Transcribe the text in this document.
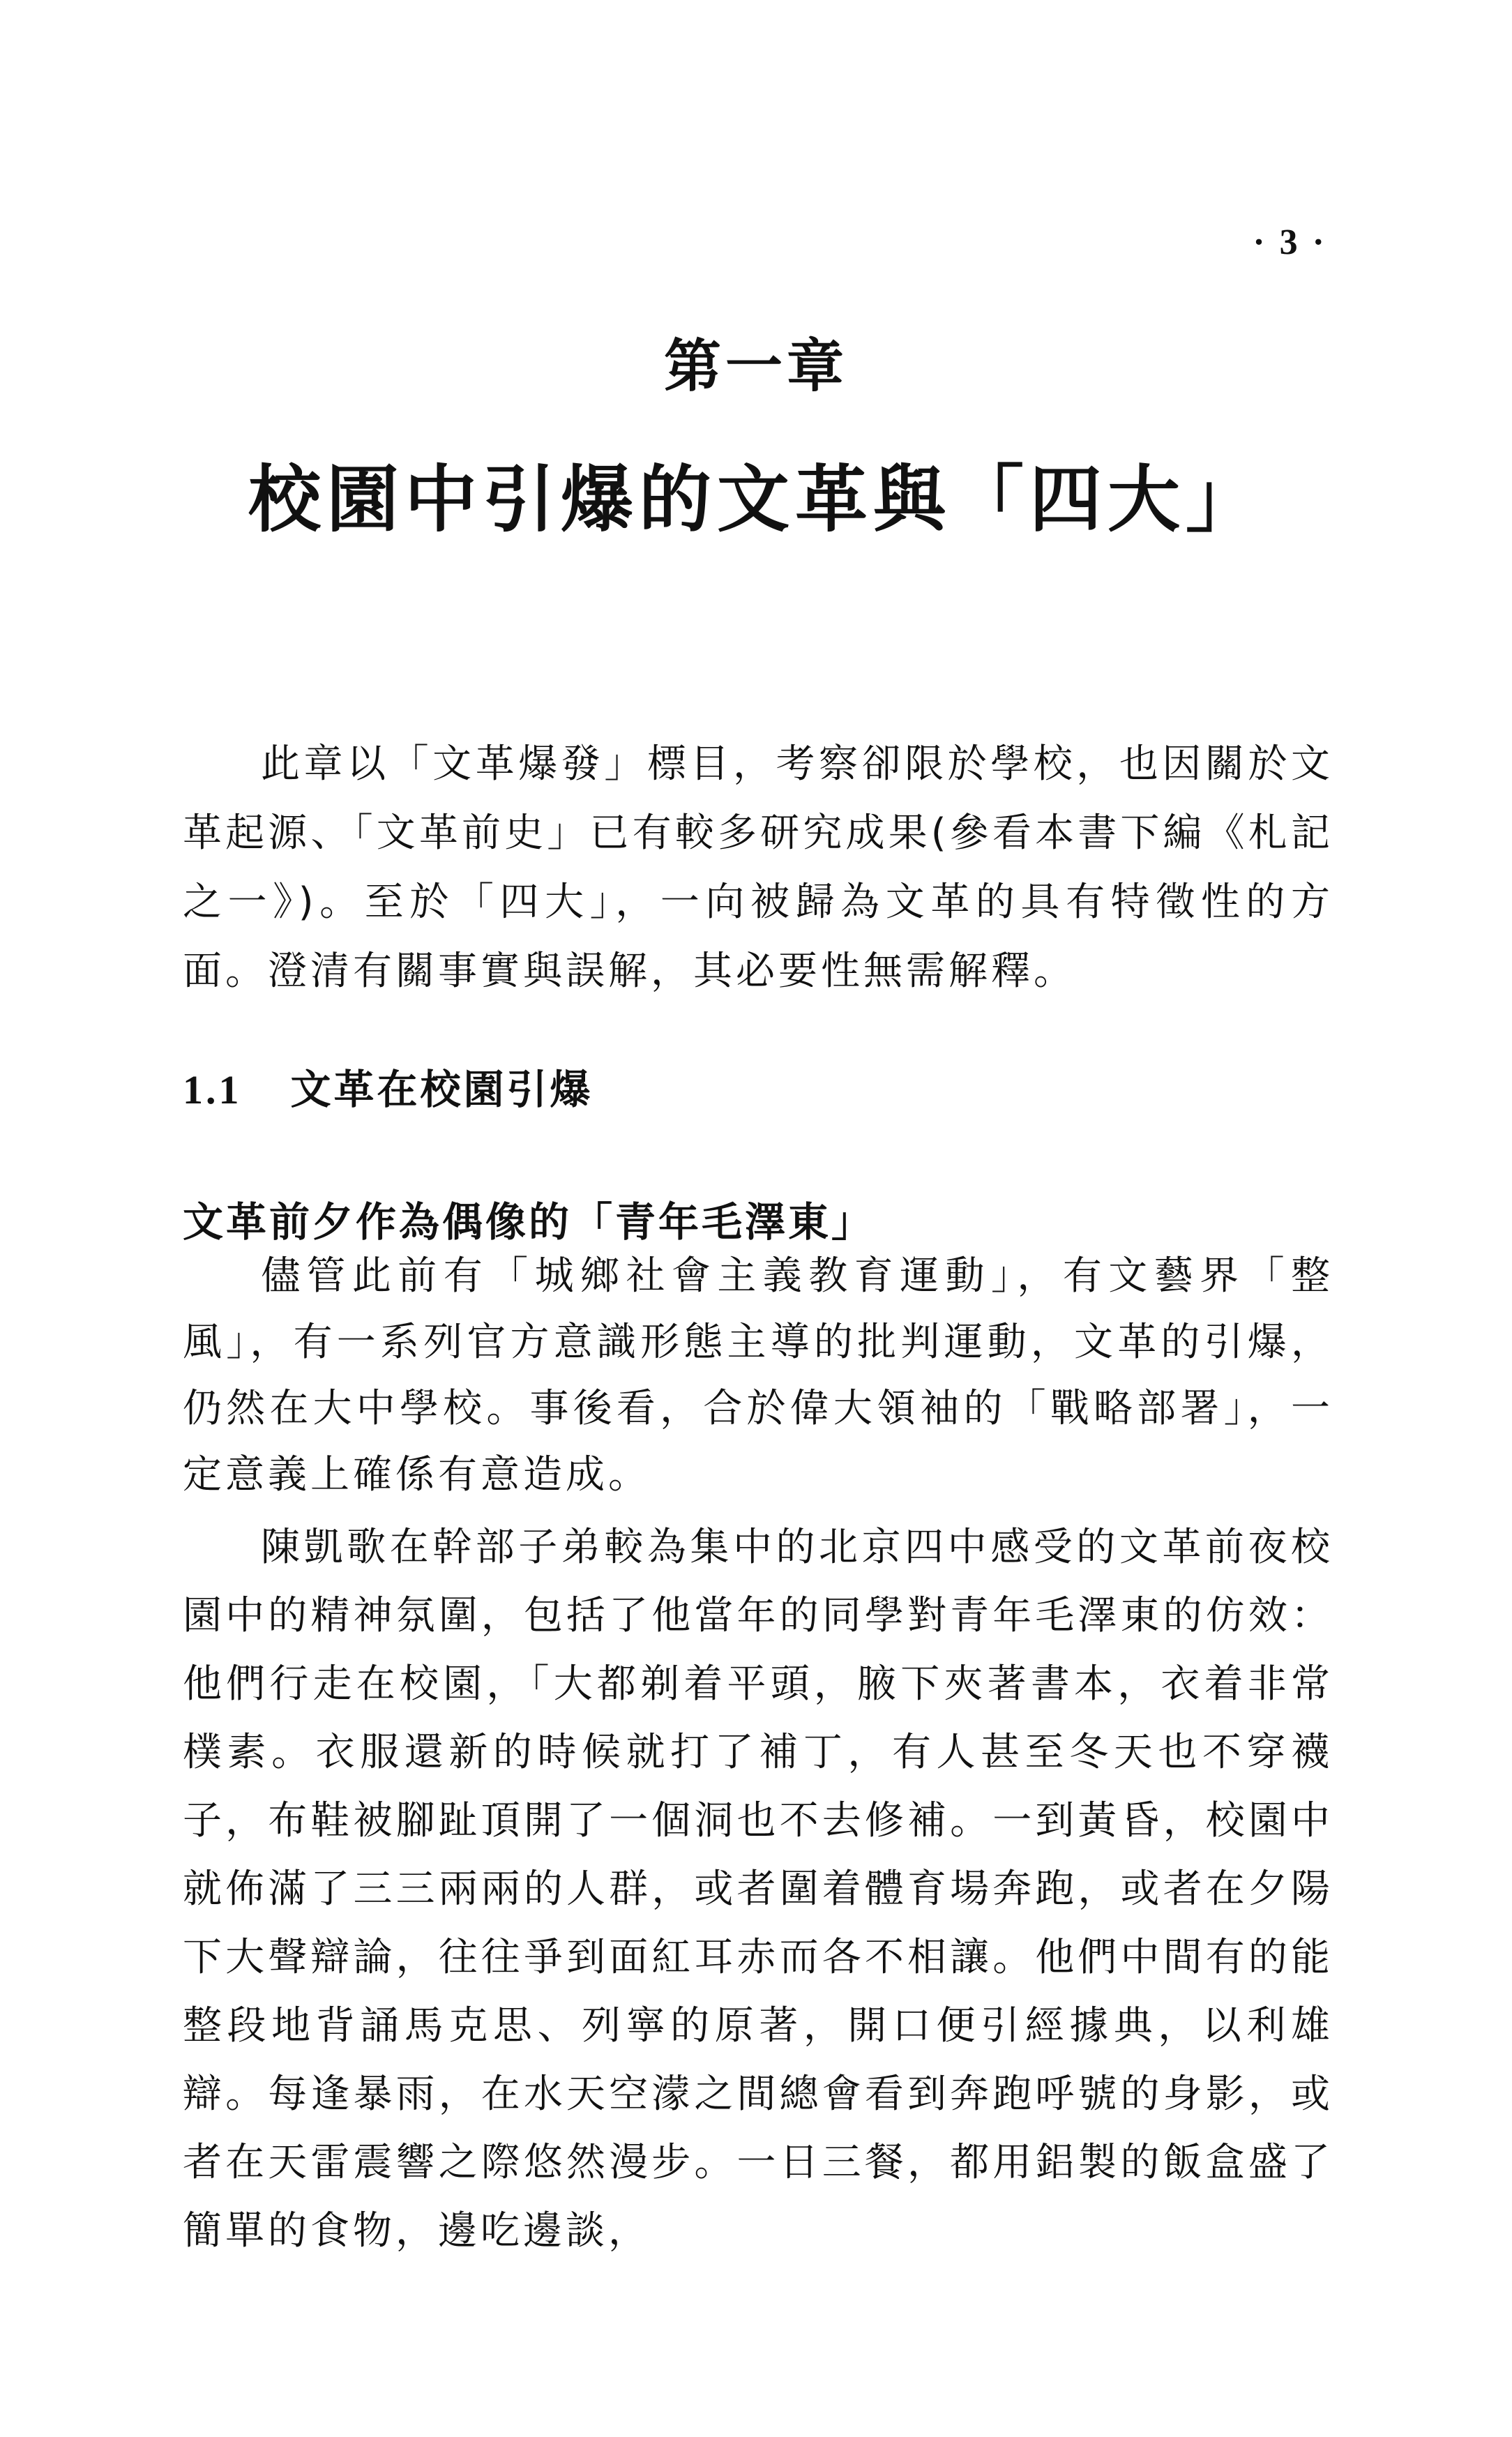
· 3 ·
第一章
校園中引爆的文革與「四大」

此章以「文革爆發」標目，考察卻限於學校，也因關於文革起源、「文革前史」已有較多研究成果(參看本書下編《札記之一》)。至於「四大」，一向被歸為文革的具有特徵性的方面。澄清有關事實與誤解，其必要性無需解釋。

1.1 文革在校園引爆
文革前夕作為偶像的「青年毛澤東」

儘管此前有「城鄉社會主義教育運動」，有文藝界「整風」，有一系列官方意識形態主導的批判運動，文革的引爆，仍然在大中學校。事後看，合於偉大領袖的「戰略部署」，一定意義上確係有意造成。

陳凱歌在幹部子弟較為集中的北京四中感受的文革前夜校園中的精神氛圍，包括了他當年的同學對青年毛澤東的仿效：他們行走在校園，「大都剃着平頭，腋下夾著書本，衣着非常樸素。衣服還新的時候就打了補丁，有人甚至冬天也不穿襪子，布鞋被腳趾頂開了一個洞也不去修補。一到黃昏，校園中就佈滿了三三兩兩的人群，或者圍着體育場奔跑，或者在夕陽下大聲辯論，往往爭到面紅耳赤而各不相讓。他們中間有的能整段地背誦馬克思、列寧的原著，開口便引經據典，以利雄辯。每逢暴雨，在水天空濛之間總會看到奔跑呼號的身影，或者在天雷震響之際悠然漫步。一日三餐，都用鋁製的飯盒盛了簡單的食物，邊吃邊談，
